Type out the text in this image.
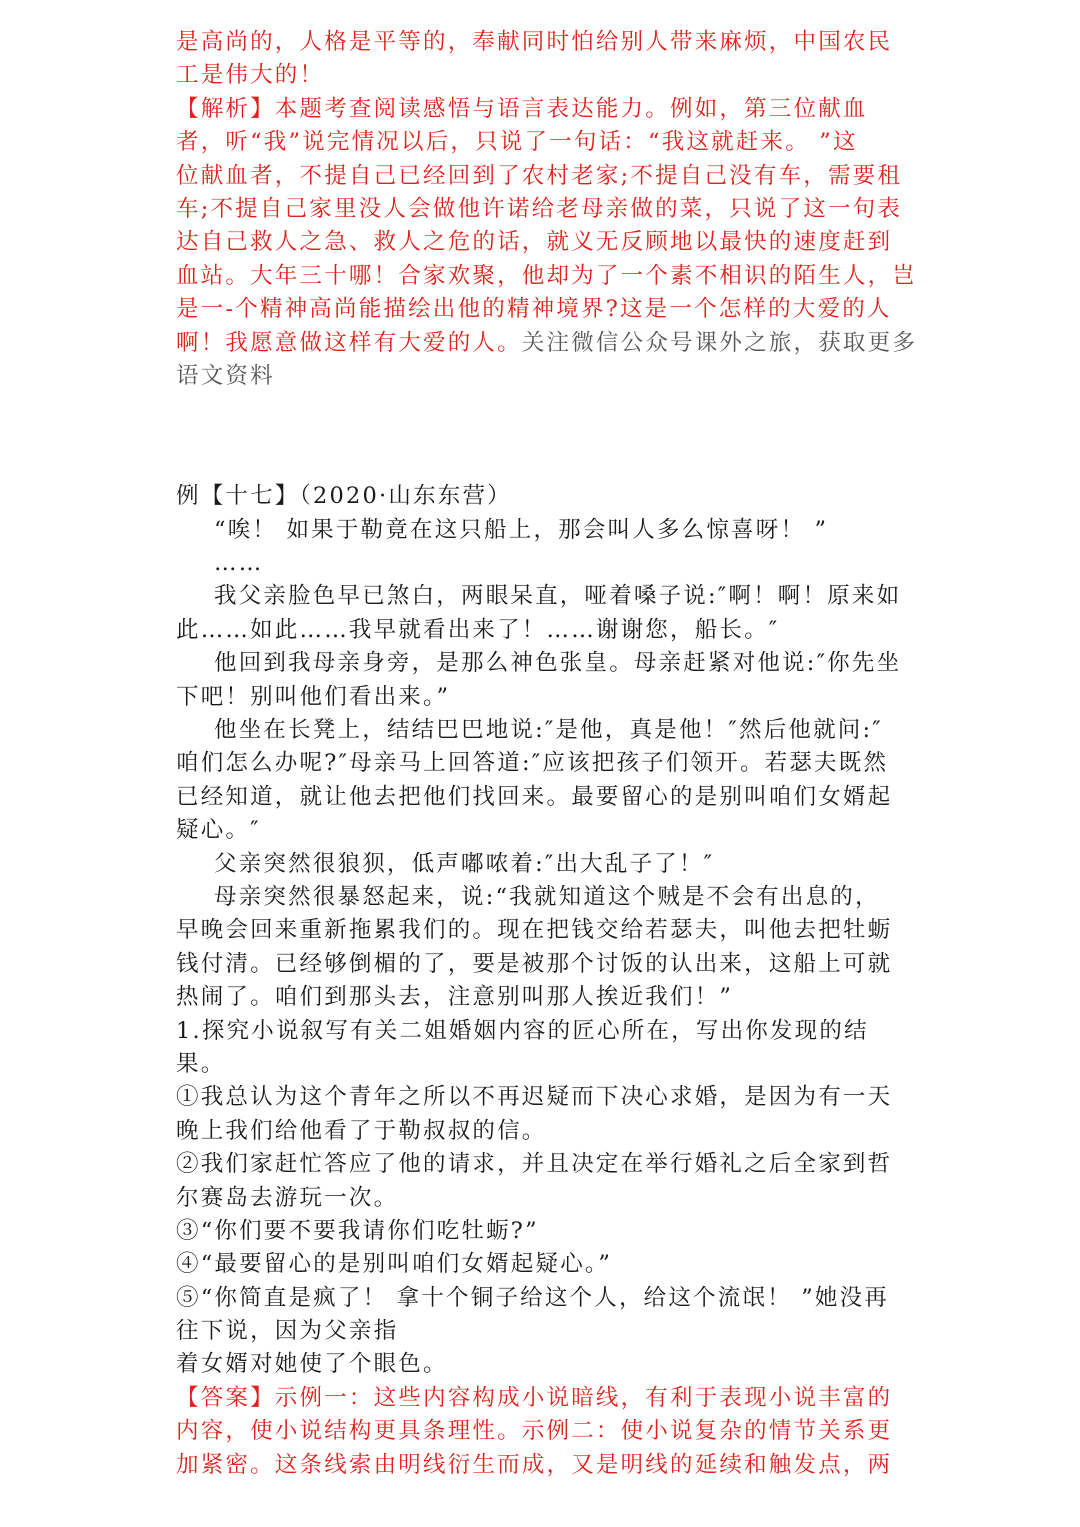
是高尚的，人格是平等的，奉献同时怕给别人带来麻烦，中国农民
工是伟大的！
【解析】本题考查阅读感悟与语言表达能力。例如，第三位献血
者，听“我”说完情况以后，只说了一句话：“我这就赶来。 ”这
位献血者，不提自己已经回到了农村老家;不提自己没有车，需要租
车;不提自己家里没人会做他许诺给老母亲做的菜，只说了这一句表
达自己救人之急、救人之危的话，就义无反顾地以最快的速度赶到
血站。大年三十哪！合家欢聚，他却为了一个素不相识的陌生人，岂
是一-个精神高尚能描绘出他的精神境界?这是一个怎样的大爱的人
啊！我愿意做这样有大爱的人。关注微信公众号课外之旅，获取更多
语文资料
例【十七】（2020·山东东营）
“唉！ 如果于勒竟在这只船上，那会叫人多么惊喜呀！ ”
……
我父亲脸色早已煞白，两眼呆直，哑着嗓子说:″啊！啊！原来如
此……如此……我早就看出来了！……谢谢您，船长。″
他回到我母亲身旁，是那么神色张皇。母亲赶紧对他说:″你先坐
下吧！别叫他们看出来。”
他坐在长凳上，结结巴巴地说:″是他，真是他！″然后他就问:″
咱们怎么办呢?″母亲马上回答道:″应该把孩子们领开。若瑟夫既然
已经知道，就让他去把他们找回来。最要留心的是别叫咱们女婿起
疑心。″
父亲突然很狼狈，低声嘟哝着:″出大乱子了！″
母亲突然很暴怒起来，说:“我就知道这个贼是不会有出息的，
早晚会回来重新拖累我们的。现在把钱交给若瑟夫，叫他去把牡蛎
钱付清。已经够倒楣的了，要是被那个讨饭的认出来，这船上可就
热闹了。咱们到那头去，注意别叫那人挨近我们！”
1.探究小说叙写有关二姐婚姻内容的匠心所在，写出你发现的结
果。
①我总认为这个青年之所以不再迟疑而下决心求婚，是因为有一天
晚上我们给他看了于勒叔叔的信。
②我们家赶忙答应了他的请求，并且决定在举行婚礼之后全家到哲
尔赛岛去游玩一次。
③“你们要不要我请你们吃牡蛎?”
④“最要留心的是别叫咱们女婿起疑心。”
⑤“你简直是疯了！ 拿十个铜子给这个人，给这个流氓！ ”她没再
往下说，因为父亲指
着女婿对她使了个眼色。
【答案】示例一：这些内容构成小说暗线，有利于表现小说丰富的
内容，使小说结构更具条理性。示例二：使小说复杂的情节关系更
加紧密。这条线索由明线衍生而成，又是明线的延续和触发点，两
